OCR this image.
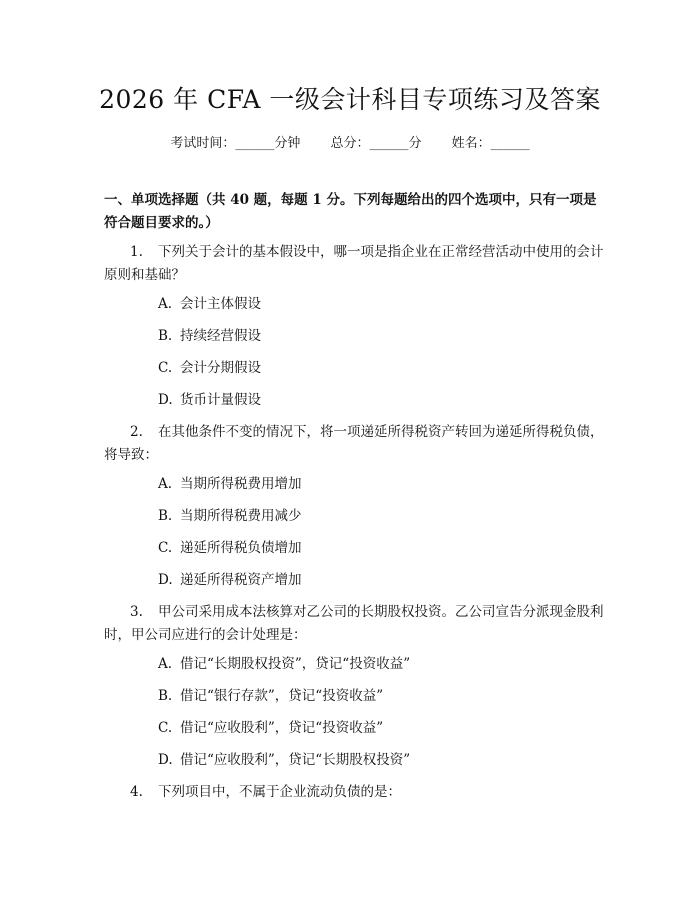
2026 年 CFA 一级会计科目专项练习及答案
考试时间：______分钟 总分：______分 姓名：______
一、单项选择题（共 40 题，每题 1 分。下列每题给出的四个选项中，只有一项是符合题目要求的。）
1. 下列关于会计的基本假设中，哪一项是指企业在正常经营活动中使用的会计原则和基础？
A. 会计主体假设
B. 持续经营假设
C. 会计分期假设
D. 货币计量假设
2. 在其他条件不变的情况下，将一项递延所得税资产转回为递延所得税负债，将导致：
A. 当期所得税费用增加
B. 当期所得税费用减少
C. 递延所得税负债增加
D. 递延所得税资产增加
3. 甲公司采用成本法核算对乙公司的长期股权投资。乙公司宣告分派现金股利时，甲公司应进行的会计处理是：
A. 借记“长期股权投资”，贷记“投资收益”
B. 借记“银行存款”，贷记“投资收益”
C. 借记“应收股利”，贷记“投资收益”
D. 借记“应收股利”，贷记“长期股权投资”
4. 下列项目中，不属于企业流动负债的是：
